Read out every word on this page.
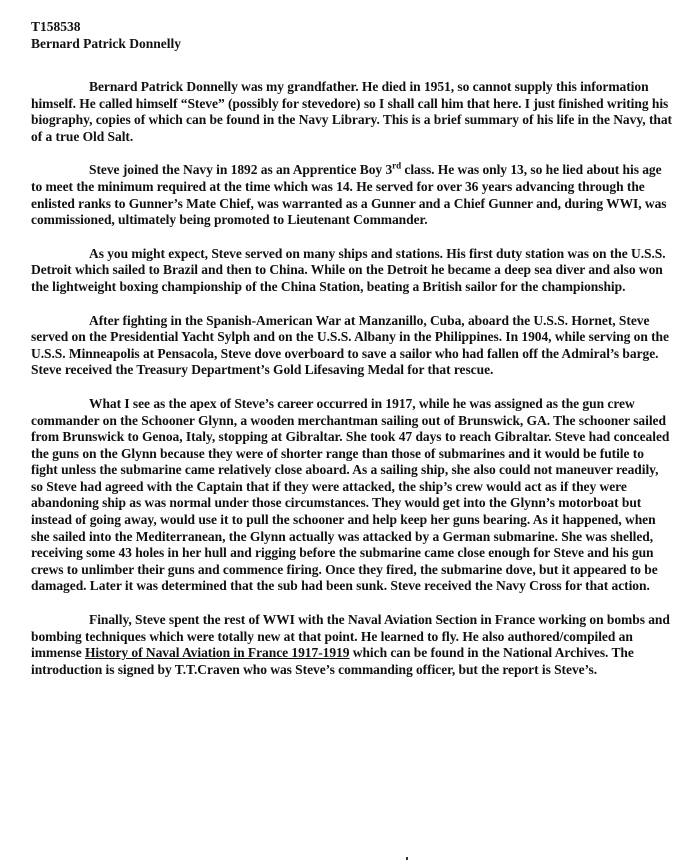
T158538
Bernard Patrick Donnelly

Bernard Patrick Donnelly was my grandfather. He died in 1951, so cannot supply this information himself. He called himself “Steve” (possibly for stevedore) so I shall call him that here. I just finished writing his biography, copies of which can be found in the Navy Library. This is a brief summary of his life in the Navy, that of a true Old Salt.

Steve joined the Navy in 1892 as an Apprentice Boy 3rd class. He was only 13, so he lied about his age to meet the minimum required at the time which was 14. He served for over 36 years advancing through the enlisted ranks to Gunner’s Mate Chief, was warranted as a Gunner and a Chief Gunner and, during WWI, was commissioned, ultimately being promoted to Lieutenant Commander.

As you might expect, Steve served on many ships and stations. His first duty station was on the U.S.S. Detroit which sailed to Brazil and then to China. While on the Detroit he became a deep sea diver and also won the lightweight boxing championship of the China Station, beating a British sailor for the championship.

After fighting in the Spanish-American War at Manzanillo, Cuba, aboard the U.S.S. Hornet, Steve served on the Presidential Yacht Sylph and on the U.S.S. Albany in the Philippines. In 1904, while serving on the U.S.S. Minneapolis at Pensacola, Steve dove overboard to save a sailor who had fallen off the Admiral’s barge. Steve received the Treasury Department’s Gold Lifesaving Medal for that rescue.

What I see as the apex of Steve’s career occurred in 1917, while he was assigned as the gun crew commander on the Schooner Glynn, a wooden merchantman sailing out of Brunswick, GA. The schooner sailed from Brunswick to Genoa, Italy, stopping at Gibraltar. She took 47 days to reach Gibraltar. Steve had concealed the guns on the Glynn because they were of shorter range than those of submarines and it would be futile to fight unless the submarine came relatively close aboard. As a sailing ship, she also could not maneuver readily, so Steve had agreed with the Captain that if they were attacked, the ship’s crew would act as if they were abandoning ship as was normal under those circumstances. They would get into the Glynn’s motorboat but instead of going away, would use it to pull the schooner and help keep her guns bearing. As it happened, when she sailed into the Mediterranean, the Glynn actually was attacked by a German submarine. She was shelled, receiving some 43 holes in her hull and rigging before the submarine came close enough for Steve and his gun crews to unlimber their guns and commence firing. Once they fired, the submarine dove, but it appeared to be damaged. Later it was determined that the sub had been sunk. Steve received the Navy Cross for that action.

Finally, Steve spent the rest of WWI with the Naval Aviation Section in France working on bombs and bombing techniques which were totally new at that point. He learned to fly. He also authored/compiled an immense History of Naval Aviation in France 1917-1919 which can be found in the National Archives. The introduction is signed by T.T.Craven who was Steve’s commanding officer, but the report is Steve’s.
